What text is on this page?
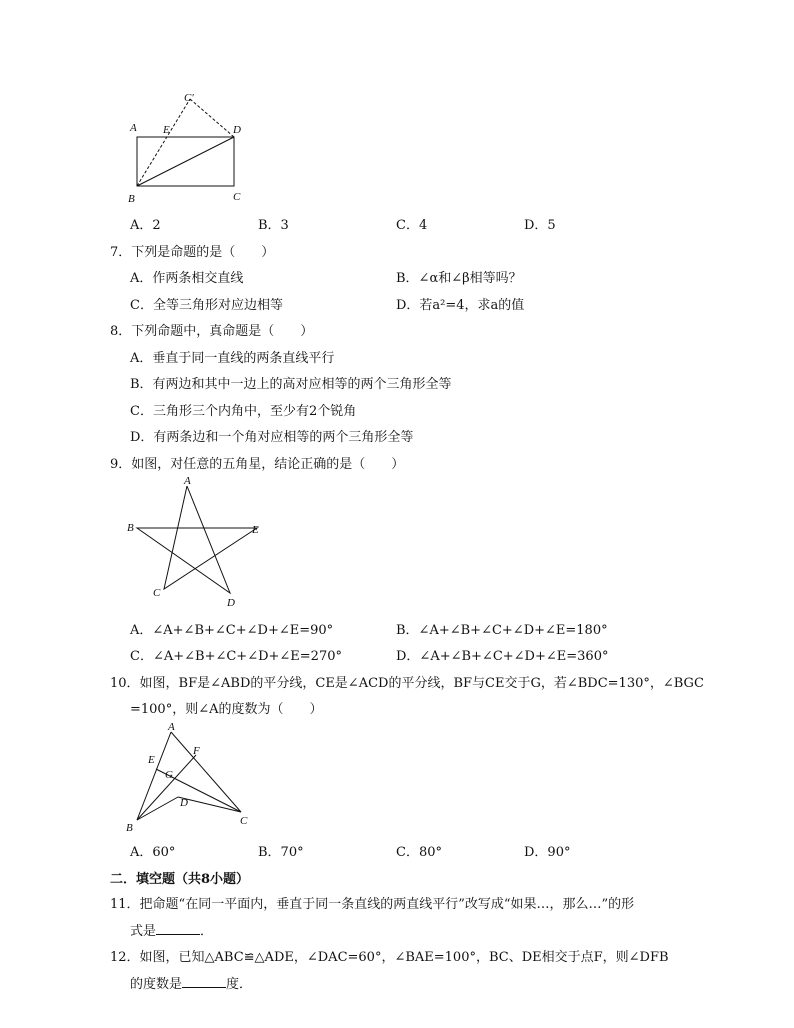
A E	D
C′
B	C
A．2	B．3	C．4	D．5
7．下列是命题的是（　　）
A．作两条相交直线	B．∠α和∠β相等吗？
C．全等三角形对应边相等	D．若a²=4，求a的值
8．下列命题中，真命题是（　　）
A．垂直于同一直线的两条直线平行
B．有两边和其中一边上的高对应相等的两个三角形全等
C．三角形三个内角中，至少有2个锐角
D．有两条边和一个角对应相等的两个三角形全等
9．如图，对任意的五角星，结论正确的是（　　）
A
B	E
C
D
A．∠A+∠B+∠C+∠D+∠E=90°	B．∠A+∠B+∠C+∠D+∠E=180°
C．∠A+∠B+∠C+∠D+∠E=270°	D．∠A+∠B+∠C+∠D+∠E=360°
10．如图，BF是∠ABD的平分线，CE是∠ACD的平分线，BF与CE交于G，若∠BDC=130°，∠BGC
=100°，则∠A的度数为（　　）
A
E
F
G
D
B
C
A．60°	B．70°	C．80°	D．90°
二．填空题（共8小题）
11．把命题“在同一平面内，垂直于同一条直线的两直线平行”改写成“如果…，那么…”的形
式是	．
12．如图，已知△ABC≌△ADE，∠DAC=60°，∠BAE=100°，BC、DE相交于点F，则∠DFB
的度数是	度．
